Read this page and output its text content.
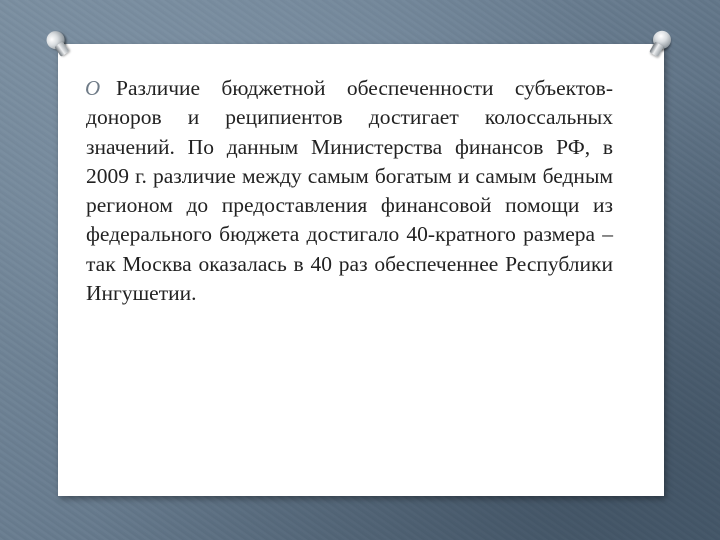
O Различие бюджетной обеспеченности субъектов-доноров и реципиентов достигает колоссальных значений. По данным Министерства финансов РФ, в 2009 г. различие между самым богатым и самым бедным регионом до предоставления финансовой помощи из федерального бюджета достигало 40-кратного размера – так Москва оказалась в 40 раз обеспеченнее Республики Ингушетии.
